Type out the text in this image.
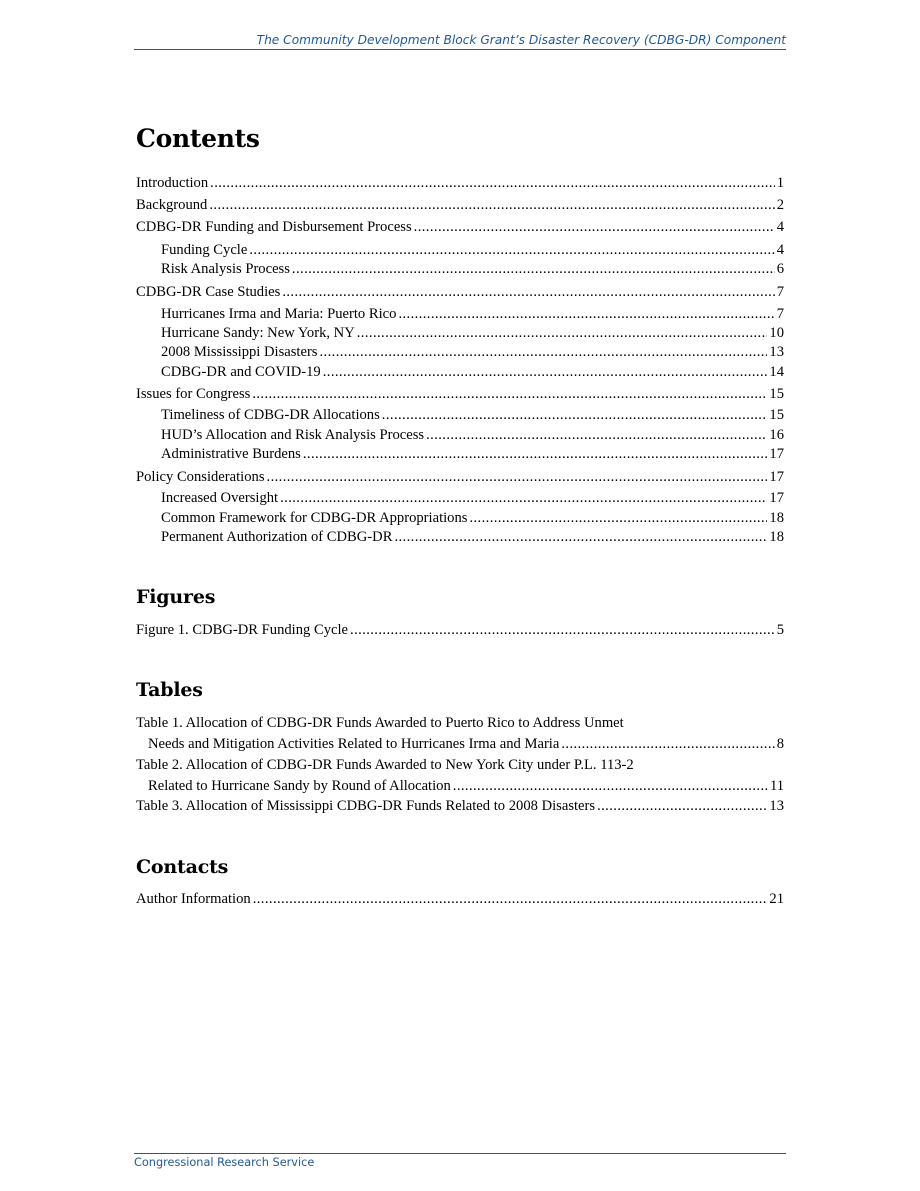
The Community Development Block Grant’s Disaster Recovery (CDBG-DR) Component
Contents
Introduction .....	1
Background .....	2
CDBG-DR Funding and Disbursement Process .....	4
Funding Cycle .....	4
Risk Analysis Process .....	6
CDBG-DR Case Studies .....	7
Hurricanes Irma and Maria: Puerto Rico .....	7
Hurricane Sandy: New York, NY .....	10
2008 Mississippi Disasters .....	13
CDBG-DR and COVID-19 .....	14
Issues for Congress .....	15
Timeliness of CDBG-DR Allocations .....	15
HUD’s Allocation and Risk Analysis Process .....	16
Administrative Burdens .....	17
Policy Considerations .....	17
Increased Oversight .....	17
Common Framework for CDBG-DR Appropriations .....	18
Permanent Authorization of CDBG-DR .....	18
Figures
Figure 1. CDBG-DR Funding Cycle .....	5
Tables
Table 1. Allocation of CDBG-DR Funds Awarded to Puerto Rico to Address Unmet
Needs and Mitigation Activities Related to Hurricanes Irma and Maria .....	8
Table 2. Allocation of CDBG-DR Funds Awarded to New York City under P.L. 113-2
Related to Hurricane Sandy by Round of Allocation .....	11
Table 3. Allocation of Mississippi CDBG-DR Funds Related to 2008 Disasters .....	13
Contacts
Author Information .....	21
Congressional Research Service
